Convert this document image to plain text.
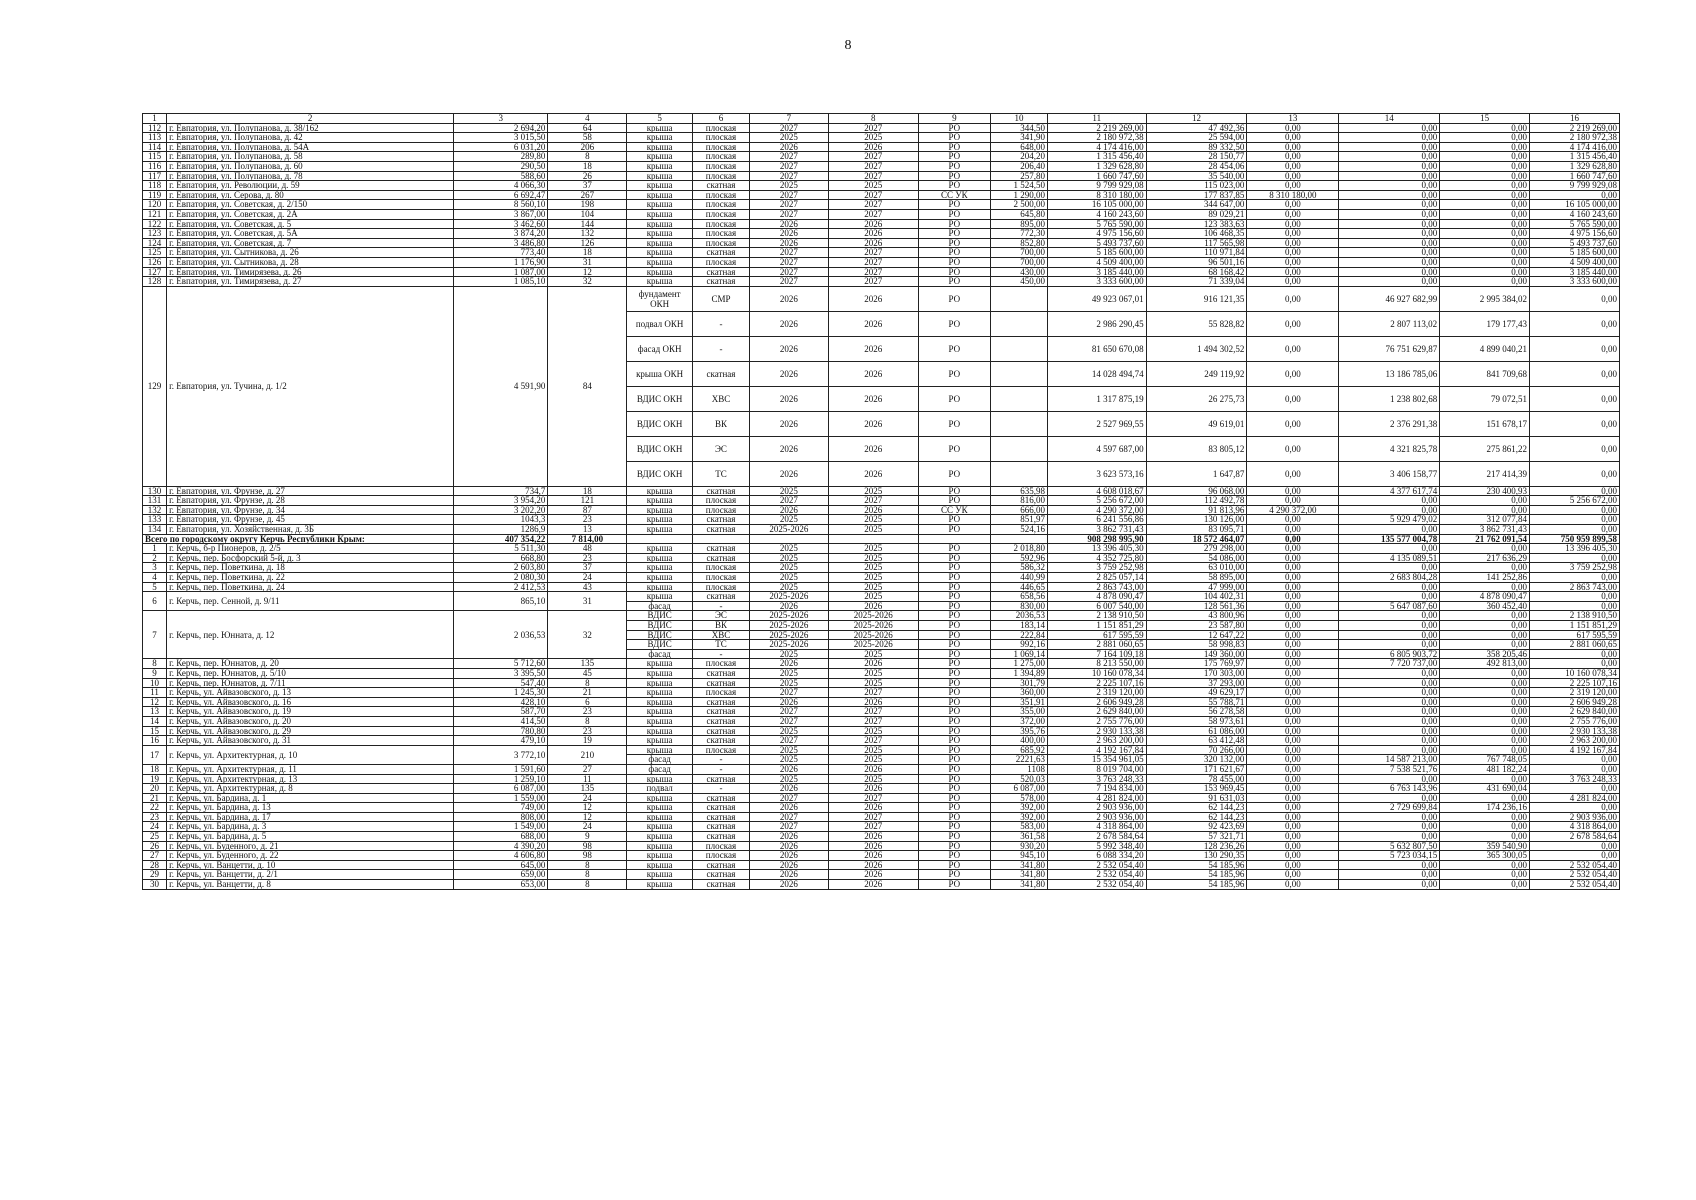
8
1	2	3	4	5	6	7	8	9	10	11	12	13	14	15	16
112	г. Евпатория, ул. Полупанова, д. 38/162	2 694,20	64	крыша	плоская	2027	2027	РО	344,50	2 219 269,00	47 492,36	0,00	0,00	0,00	2 219 269,00
113	г. Евпатория, ул. Полупанова, д. 42	3 015,50	58	крыша	плоская	2025	2025	РО	341,90	2 180 972,38	25 594,00	0,00	0,00	0,00	2 180 972,38
114	г. Евпатория, ул. Полупанова, д. 54А	6 031,20	206	крыша	плоская	2026	2026	РО	648,00	4 174 416,00	89 332,50	0,00	0,00	0,00	4 174 416,00
115	г. Евпатория, ул. Полупанова, д. 58	289,80	8	крыша	плоская	2027	2027	РО	204,20	1 315 456,40	28 150,77	0,00	0,00	0,00	1 315 456,40
116	г. Евпатория, ул. Полупанова, д. 60	290,50	18	крыша	плоская	2027	2027	РО	206,40	1 329 628,80	28 454,06	0,00	0,00	0,00	1 329 628,80
117	г. Евпатория, ул. Полупанова, д. 78	588,60	26	крыша	плоская	2027	2027	РО	257,80	1 660 747,60	35 540,00	0,00	0,00	0,00	1 660 747,60
118	г. Евпатория, ул. Революции, д. 59	4 066,30	37	крыша	скатная	2025	2025	РО	1 524,50	9 799 929,08	115 023,00	0,00	0,00	0,00	9 799 929,08
119	г. Евпатория, ул. Серова, д. 80	6 692,47	267	крыша	плоская	2027	2027	СС УК	1 290,00	8 310 180,00	177 837,85	8 310 180,00	0,00	0,00	0,00
120	г. Евпатория, ул. Советская, д. 2/150	8 560,10	198	крыша	плоская	2027	2027	РО	2 500,00	16 105 000,00	344 647,00	0,00	0,00	0,00	16 105 000,00
121	г. Евпатория, ул. Советская, д. 2А	3 867,00	104	крыша	плоская	2027	2027	РО	645,80	4 160 243,60	89 029,21	0,00	0,00	0,00	4 160 243,60
122	г. Евпатория, ул. Советская, д. 5	3 462,60	144	крыша	плоская	2026	2026	РО	895,00	5 765 590,00	123 383,63	0,00	0,00	0,00	5 765 590,00
123	г. Евпатория, ул. Советская, д. 5А	3 874,20	132	крыша	плоская	2026	2026	РО	772,30	4 975 156,60	106 468,35	0,00	0,00	0,00	4 975 156,60
124	г. Евпатория, ул. Советская, д. 7	3 486,80	126	крыша	плоская	2026	2026	РО	852,80	5 493 737,60	117 565,98	0,00	0,00	0,00	5 493 737,60
125	г. Евпатория, ул. Сытникова, д. 26	773,40	18	крыша	скатная	2027	2027	РО	700,00	5 185 600,00	110 971,84	0,00	0,00	0,00	5 185 600,00
126	г. Евпатория, ул. Сытникова, д. 28	1 176,90	31	крыша	плоская	2027	2027	РО	700,00	4 509 400,00	96 501,16	0,00	0,00	0,00	4 509 400,00
127	г. Евпатория, ул. Тимирязева, д. 26	1 087,00	12	крыша	скатная	2027	2027	РО	430,00	3 185 440,00	68 168,42	0,00	0,00	0,00	3 185 440,00
128	г. Евпатория, ул. Тимирязева, д. 27	1 085,10	32	крыша	скатная	2027	2027	РО	450,00	3 333 600,00	71 339,04	0,00	0,00	0,00	3 333 600,00
129	г. Евпатория, ул. Тучина, д. 1/2	4 591,90	84	фундамент ОКН	СМР	2026	2026	РО		49 923 067,01	916 121,35	0,00	46 927 682,99	2 995 384,02	0,00
				подвал ОКН	-	2026	2026	РО		2 986 290,45	55 828,82	0,00	2 807 113,02	179 177,43	0,00
				фасад ОКН	-	2026	2026	РО		81 650 670,08	1 494 302,52	0,00	76 751 629,87	4 899 040,21	0,00
				крыша ОКН	скатная	2026	2026	РО		14 028 494,74	249 119,92	0,00	13 186 785,06	841 709,68	0,00
				ВДИС ОКН	ХВС	2026	2026	РО		1 317 875,19	26 275,73	0,00	1 238 802,68	79 072,51	0,00
				ВДИС ОКН	ВК	2026	2026	РО		2 527 969,55	49 619,01	0,00	2 376 291,38	151 678,17	0,00
				ВДИС ОКН	ЭС	2026	2026	РО		4 597 687,00	83 805,12	0,00	4 321 825,78	275 861,22	0,00
				ВДИС ОКН	ТС	2026	2026	РО		3 623 573,16	1 647,87	0,00	3 406 158,77	217 414,39	0,00
130	г. Евпатория, ул. Фрунзе, д. 27	734,7	18	крыша	скатная	2025	2025	РО	635,98	4 608 018,67	96 068,00	0,00	4 377 617,74	230 400,93	0,00
131	г. Евпатория, ул. Фрунзе, д. 28	3 954,20	121	крыша	плоская	2027	2027	РО	816,00	5 256 672,00	112 492,78	0,00	0,00	0,00	5 256 672,00
132	г. Евпатория, ул. Фрунзе, д. 34	3 202,20	87	крыша	плоская	2026	2026	СС УК	666,00	4 290 372,00	91 813,96	4 290 372,00	0,00	0,00	0,00
133	г. Евпатория, ул. Фрунзе, д. 45	1043,3	23	крыша	скатная	2025	2025	РО	851,97	6 241 556,86	130 126,00	0,00	5 929 479,02	312 077,84	0,00
134	г. Евпатория, ул. Хозяйственная, д. 3Б	1286,9	13	крыша	скатная	2025-2026	2025	РО	524,16	3 862 731,43	83 095,71	0,00	0,00	3 862 731,43	0,00
Всего по городскому округу Керчь Республики Крым:		407 354,22	7 814,00							908 298 995,90	18 572 464,07	0,00	135 577 004,78	21 762 091,54	750 959 899,58
1	г. Керчь, б-р Пионеров, д. 2/5	5 511,30	48	крыша	скатная	2025	2025	РО	2 018,80	13 396 405,30	279 298,00	0,00	0,00	0,00	13 396 405,30
2	г. Керчь, пер. Босфорский 5-й, д. 3	668,80	23	крыша	скатная	2025	2025	РО	592,96	4 352 725,80	54 086,00	0,00	4 135 089,51	217 636,29	0,00
3	г. Керчь, пер. Поветкина, д. 18	2 603,80	37	крыша	плоская	2025	2025	РО	586,32	3 759 252,98	63 010,00	0,00	0,00	0,00	3 759 252,98
4	г. Керчь, пер. Поветкина, д. 22	2 080,30	24	крыша	плоская	2025	2025	РО	440,99	2 825 057,14	58 895,00	0,00	2 683 804,28	141 252,86	0,00
5	г. Керчь, пер. Поветкина, д. 24	2 412,53	43	крыша	плоская	2025	2025	РО	446,65	2 863 743,00	47 999,00	0,00	0,00	0,00	2 863 743,00
6	г. Керчь, пер. Сенной, д. 9/11	865,10	31	крыша	скатная	2025-2026	2025	РО	658,56	4 878 090,47	104 402,31	0,00	0,00	4 878 090,47	0,00
				фасад	-	2026	2026	РО	830,00	6 007 540,00	128 561,36	0,00	5 647 087,60	360 452,40	0,00
7	г. Керчь, пер. Юнната, д. 12	2 036,53	32	ВДИС	ЭС	2025-2026	2025-2026	РО	2036,53	2 138 910,50	43 800,96	0,00	0,00	0,00	2 138 910,50
				ВДИС	ВК	2025-2026	2025-2026	РО	183,14	1 151 851,29	23 587,80	0,00	0,00	0,00	1 151 851,29
				ВДИС	ХВС	2025-2026	2025-2026	РО	222,84	617 595,59	12 647,22	0,00	0,00	0,00	617 595,59
				ВДИС	ТС	2025-2026	2025-2026	РО	992,16	2 881 060,65	58 998,83	0,00	0,00	0,00	2 881 060,65
				фасад	-	2025	2025	РО	1 069,14	7 164 109,18	149 360,00	0,00	6 805 903,72	358 205,46	0,00
8	г. Керчь, пер. Юннатов, д. 20	5 712,60	135	крыша	плоская	2026	2026	РО	1 275,00	8 213 550,00	175 769,97	0,00	7 720 737,00	492 813,00	0,00
9	г. Керчь, пер. Юннатов, д. 5/10	3 395,50	45	крыша	скатная	2025	2025	РО	1 394,89	10 160 078,34	170 303,00	0,00	0,00	0,00	10 160 078,34
10	г. Керчь, пер. Юннатов, д. 7/11	547,40	8	крыша	скатная	2025	2025	РО	301,79	2 225 107,16	37 293,00	0,00	0,00	0,00	2 225 107,16
11	г. Керчь, ул. Айвазовского, д. 13	1 245,30	21	крыша	плоская	2027	2027	РО	360,00	2 319 120,00	49 629,17	0,00	0,00	0,00	2 319 120,00
12	г. Керчь, ул. Айвазовского, д. 16	428,10	6	крыша	скатная	2026	2026	РО	351,91	2 606 949,28	55 788,71	0,00	0,00	0,00	2 606 949,28
13	г. Керчь, ул. Айвазовского, д. 19	587,70	23	крыша	скатная	2027	2027	РО	355,00	2 629 840,00	56 278,58	0,00	0,00	0,00	2 629 840,00
14	г. Керчь, ул. Айвазовского, д. 20	414,50	8	крыша	скатная	2027	2027	РО	372,00	2 755 776,00	58 973,61	0,00	0,00	0,00	2 755 776,00
15	г. Керчь, ул. Айвазовского, д. 29	780,80	23	крыша	скатная	2025	2025	РО	395,76	2 930 133,38	61 086,00	0,00	0,00	0,00	2 930 133,38
16	г. Керчь, ул. Айвазовского, д. 31	479,10	19	крыша	скатная	2027	2027	РО	400,00	2 963 200,00	63 412,48	0,00	0,00	0,00	2 963 200,00
17	г. Керчь, ул. Архитектурная, д. 10	3 772,10	210	крыша	плоская	2025	2025	РО	685,92	4 192 167,84	70 266,00	0,00	0,00	0,00	4 192 167,84
				фасад	-	2025	2025	РО	2221,63	15 354 961,05	320 132,00	0,00	14 587 213,00	767 748,05	0,00
18	г. Керчь, ул. Архитектурная, д. 11	1 591,60	27	фасад	-	2026	2026	РО	1108	8 019 704,00	171 621,67	0,00	7 538 521,76	481 182,24	0,00
19	г. Керчь, ул. Архитектурная, д. 13	1 259,10	11	крыша	скатная	2025	2025	РО	520,03	3 763 248,33	78 455,00	0,00	0,00	0,00	3 763 248,33
20	г. Керчь, ул. Архитектурная, д. 8	6 087,00	135	подвал	-	2026	2026	РО	6 087,00	7 194 834,00	153 969,45	0,00	6 763 143,96	431 690,04	0,00
21	г. Керчь, ул. Бардина, д. 1	1 559,00	24	крыша	скатная	2027	2027	РО	578,00	4 281 824,00	91 631,03	0,00	0,00	0,00	4 281 824,00
22	г. Керчь, ул. Бардина, д. 13	749,00	12	крыша	скатная	2026	2026	РО	392,00	2 903 936,00	62 144,23	0,00	2 729 699,84	174 236,16	0,00
23	г. Керчь, ул. Бардина, д. 17	808,00	12	крыша	скатная	2027	2027	РО	392,00	2 903 936,00	62 144,23	0,00	0,00	0,00	2 903 936,00
24	г. Керчь, ул. Бардина, д. 3	1 549,00	24	крыша	скатная	2027	2027	РО	583,00	4 318 864,00	92 423,69	0,00	0,00	0,00	4 318 864,00
25	г. Керчь, ул. Бардина, д. 5	688,00	9	крыша	скатная	2026	2026	РО	361,58	2 678 584,64	57 321,71	0,00	0,00	0,00	2 678 584,64
26	г. Керчь, ул. Буденного, д. 21	4 390,20	98	крыша	плоская	2026	2026	РО	930,20	5 992 348,40	128 236,26	0,00	5 632 807,50	359 540,90	0,00
27	г. Керчь, ул. Буденного, д. 22	4 606,80	98	крыша	плоская	2026	2026	РО	945,10	6 088 334,20	130 290,35	0,00	5 723 034,15	365 300,05	0,00
28	г. Керчь, ул. Ванцетти, д. 10	645,00	8	крыша	скатная	2026	2026	РО	341,80	2 532 054,40	54 185,96	0,00	0,00	0,00	2 532 054,40
29	г. Керчь, ул. Ванцетти, д. 2/1	659,00	8	крыша	скатная	2026	2026	РО	341,80	2 532 054,40	54 185,96	0,00	0,00	0,00	2 532 054,40
30	г. Керчь, ул. Ванцетти, д. 8	653,00	8	крыша	скатная	2026	2026	РО	341,80	2 532 054,40	54 185,96	0,00	0,00	0,00	2 532 054,40
